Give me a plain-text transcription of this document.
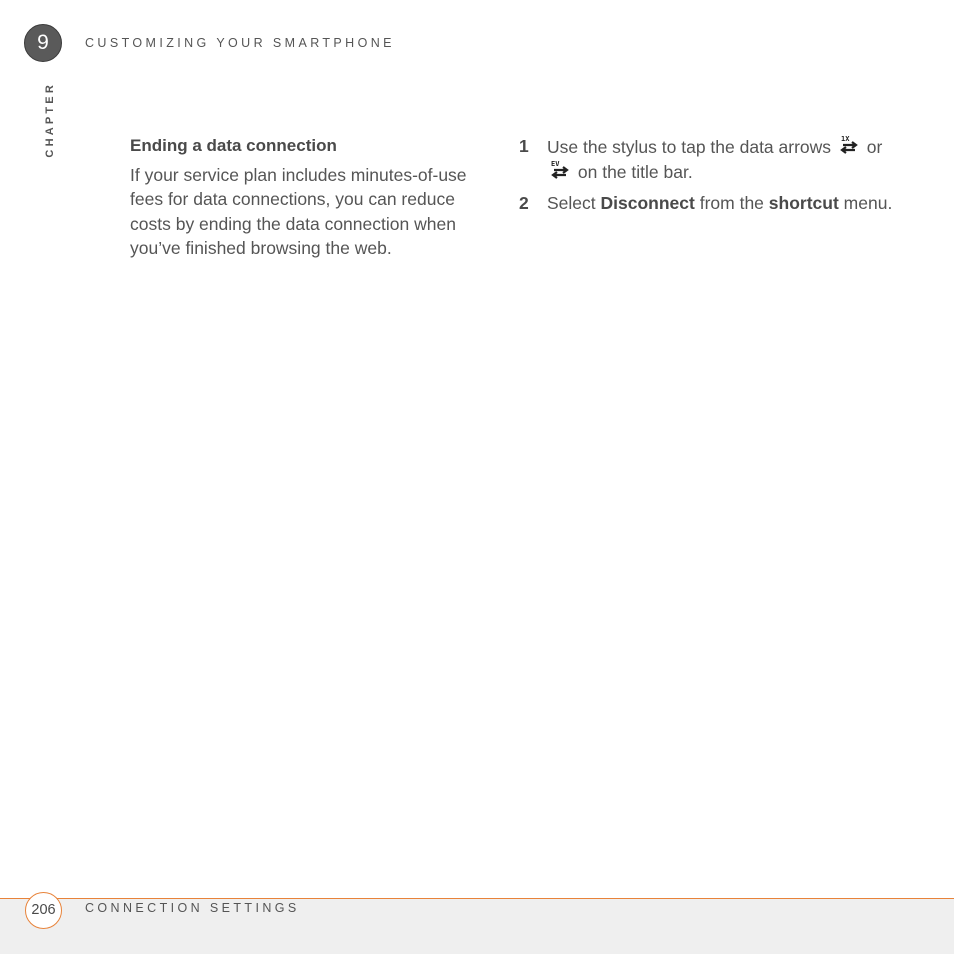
9	CUSTOMIZING YOUR SMARTPHONE
CHAPTER	Ending a data connection

If your service plan includes minutes-of-use fees for data connections, you can reduce costs by ending the data connection when you’ve finished browsing the web.

1 Use the stylus to tap the data arrows 1X or
EV on the title bar.
2 Select Disconnect from the shortcut menu.
206	CONNECTION SETTINGS
